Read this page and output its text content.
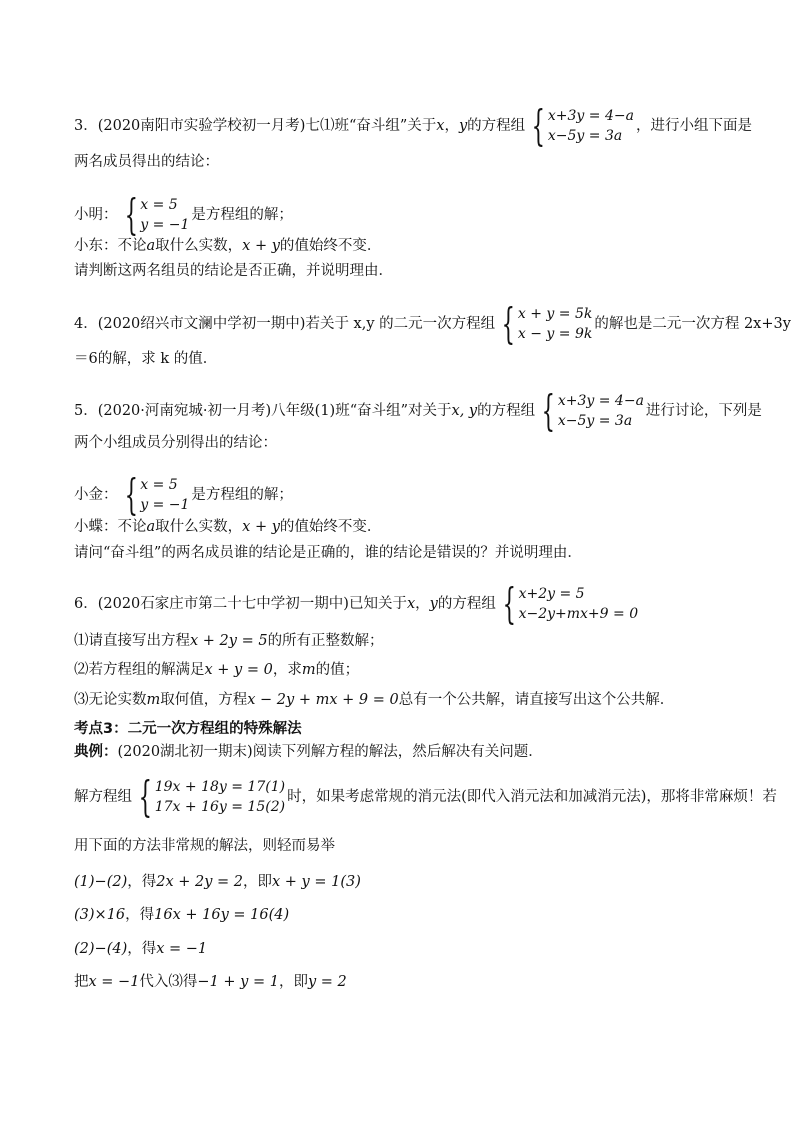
3．(2020南阳市实验学校初一月考)七⑴班“奋斗组”关于x，y的方程组 { x+3y = 4−a
x−5y = 3a
，进行小组下面是
两名成员得出的结论：
小明： { x = 5
y = −1
是方程组的解；
小东：不论a取什么实数，x + y的值始终不变．
请判断这两名组员的结论是否正确，并说明理由．
4．(2020绍兴市文澜中学初一期中)若关于 x,y 的二元一次方程组 { x + y = 5k
x − y = 9k
的解也是二元一次方程 2x+3y
＝6的解，求 k 的值．
5．(2020·河南宛城·初一月考)八年级(1)班“奋斗组”对关于x, y的方程组 { x+3y = 4−a
x−5y = 3a
进行讨论，下列是
两个小组成员分别得出的结论：
小金： { x = 5
y = −1
是方程组的解；
小蝶：不论a取什么实数，x + y的值始终不变．
请问“奋斗组”的两名成员谁的结论是正确的，谁的结论是错误的？并说明理由．
6．(2020石家庄市第二十七中学初一期中)已知关于x，y的方程组 { x+2y = 5
x−2y+mx+9 = 0
⑴请直接写出方程x + 2y = 5的所有正整数解；
⑵若方程组的解满足x + y = 0，求m的值；
⑶无论实数m取何值，方程x − 2y + mx + 9 = 0总有一个公共解，请直接写出这个公共解．
考点3：二元一次方程组的特殊解法
典例：(2020湖北初一期末)阅读下列解方程的解法，然后解决有关问题．
解方程组 { 19x + 18y = 17(1)
17x + 16y = 15(2)
时，如果考虑常规的消元法(即代入消元法和加减消元法)，那将非常麻烦！若
用下面的方法非常规的解法，则轻而易举
(1)−(2)，得2x + 2y = 2，即x + y = 1(3)
(3)×16，得16x + 16y = 16(4)
(2)−(4)，得x = −1
把x = −1代入⑶得−1 + y = 1，即y = 2
